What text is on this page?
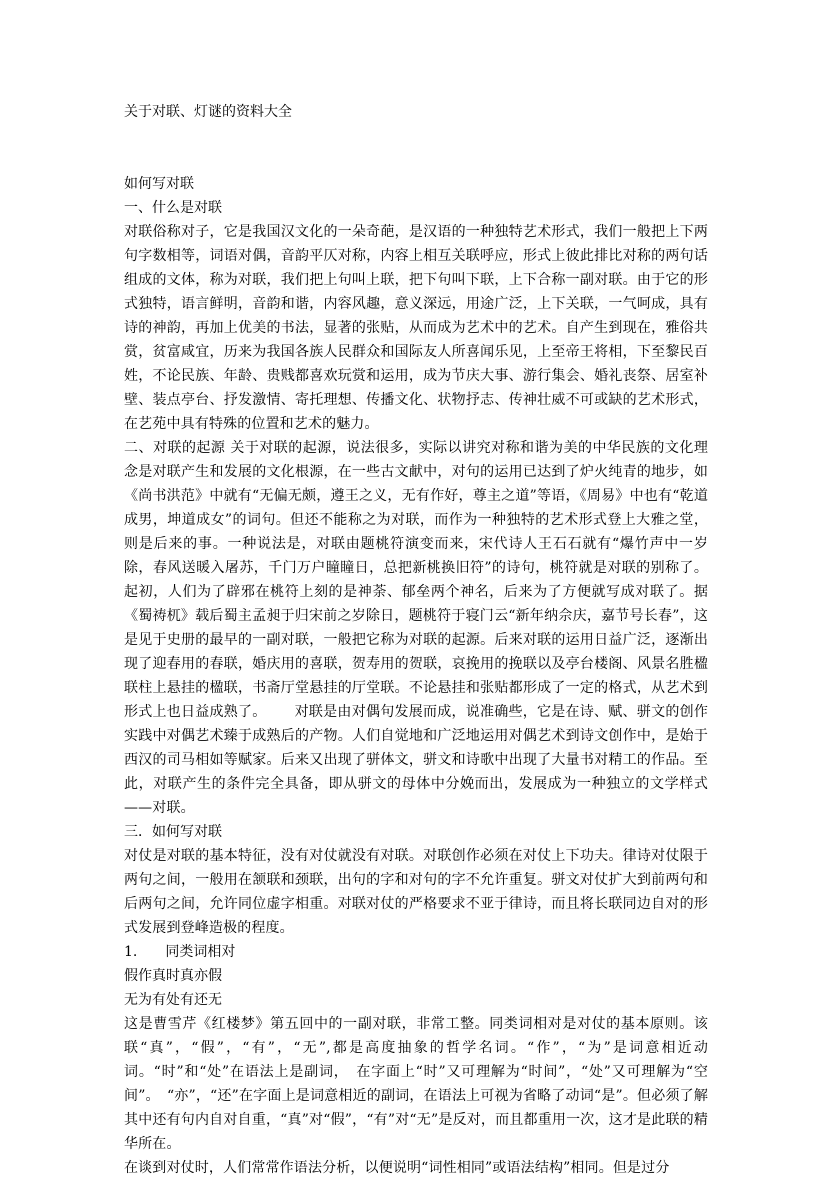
关于对联、灯谜的资料大全

如何写对联

一、什么是对联

对联俗称对子，它是我国汉文化的一朵奇葩，是汉语的一种独特艺术形式，我们一般把上下两句字数相等，词语对偶，音韵平仄对称，内容上相互关联呼应，形式上彼此排比对称的两句话组成的文体，称为对联，我们把上句叫上联，把下句叫下联，上下合称一副对联。由于它的形式独特，语言鲜明，音韵和谐，内容风趣，意义深远，用途广泛，上下关联，一气呵成，具有诗的神韵，再加上优美的书法，显著的张贴，从而成为艺术中的艺术。自产生到现在，雅俗共赏，贫富咸宜，历来为我国各族人民群众和国际友人所喜闻乐见，上至帝王将相，下至黎民百姓，不论民族、年龄、贵贱都喜欢玩赏和运用，成为节庆大事、游行集会、婚礼丧祭、居室补壁、装点亭台、抒发激情、寄托理想、传播文化、状物抒志、传神壮威不可或缺的艺术形式，在艺苑中具有特殊的位置和艺术的魅力。

二、对联的起源 关于对联的起源，说法很多，实际以讲究对称和谐为美的中华民族的文化理念是对联产生和发展的文化根源，在一些古文献中，对句的运用已达到了炉火纯青的地步，如《尚书洪范》中就有“无偏无颇，遵王之义，无有作好，尊主之道”等语，《周易》中也有“乾道成男，坤道成女”的词句。但还不能称之为对联，而作为一种独特的艺术形式登上大雅之堂，则是后来的事。一种说法是，对联由题桃符演变而来，宋代诗人王石石就有“爆竹声中一岁除，春风送暖入屠苏，千门万户瞳瞳日，总把新桃换旧符”的诗句，桃符就是对联的别称了。起初，人们为了辟邪在桃符上刻的是神荼、郁垒两个神名，后来为了方便就写成对联了。据《蜀祷杌》载后蜀主孟昶于归宋前之岁除日，题桃符于寝门云“新年纳佘庆，嘉节号长春”，这是见于史册的最早的一副对联，一般把它称为对联的起源。后来对联的运用日益广泛，逐渐出现了迎春用的春联，婚庆用的喜联，贺寿用的贺联，哀挽用的挽联以及亭台楼阁、风景名胜楹联柱上悬挂的楹联，书斋厅堂悬挂的厅堂联。不论悬挂和张贴都形成了一定的格式，从艺术到形式上也日益成熟了。 对联是由对偶句发展而成，说准确些，它是在诗、赋、骈文的创作实践中对偶艺术臻于成熟后的产物。人们自觉地和广泛地运用对偶艺术到诗文创作中，是始于西汉的司马相如等赋家。后来又出现了骈体文，骈文和诗歌中出现了大量书对精工的作品。至此，对联产生的条件完全具备，即从骈文的母体中分娩而出，发展成为一种独立的文学样式——对联。

三．如何写对联

对仗是对联的基本特征，没有对仗就没有对联。对联创作必须在对仗上下功夫。律诗对仗限于两句之间，一般用在颔联和颈联，出句的字和对句的字不允许重复。骈文对仗扩大到前两句和后两句之间，允许同位虚字相重。对联对仗的严格要求不亚于律诗，而且将长联同边自对的形式发展到登峰造极的程度。

1. 同类词相对

假作真时真亦假

无为有处有还无

这是曹雪芹《红楼梦》第五回中的一副对联，非常工整。同类词相对是对仗的基本原则。该联“真”，“假”，“有”，“无”,都是高度抽象的哲学名词。“作”，“为”是词意相近动词。“时”和“处”在语法上是副词，　在字面上“时”又可理解为“时间”，“处”又可理解为“空间”。　“亦”，“还”在字面上是词意相近的副词，在语法上可视为省略了动词“是”。但必须了解其中还有句内自对自重，“真”对“假”，“有”对“无”是反对，而且都重用一次，这才是此联的精华所在。

在谈到对仗时，人们常常作语法分析，以便说明“词性相同”或语法结构”相同。但是过分
